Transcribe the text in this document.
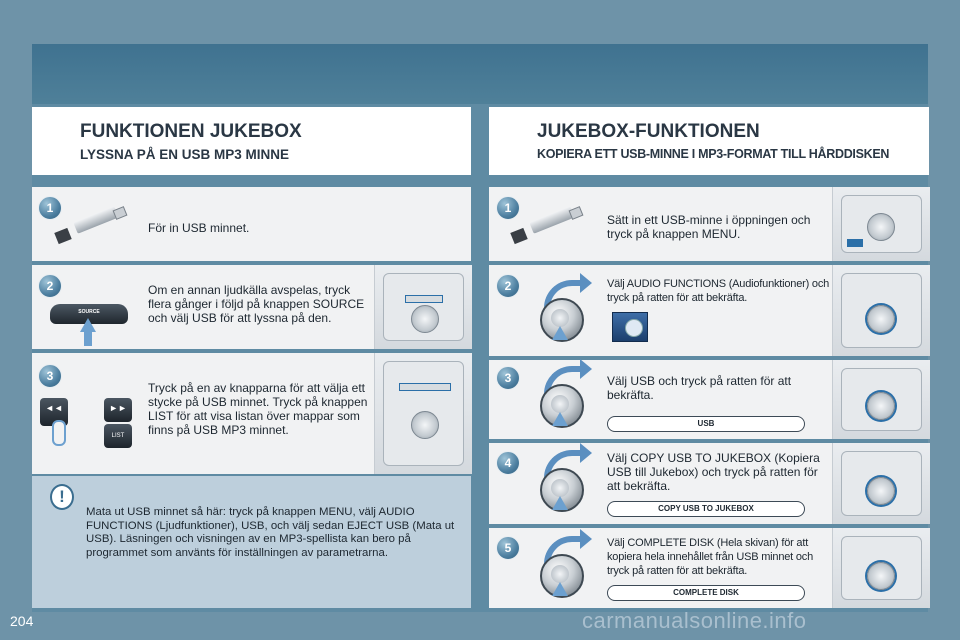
FUNKTIONEN JUKEBOX
LYSSNA PÅ EN USB MP3 MINNE
JUKEBOX-FUNKTIONEN
KOPIERA ETT USB-MINNE I MP3-FORMAT TILL HÅRDDISKEN
För in USB minnet.
1
Om en annan ljudkälla avspelas, tryck flera gånger i följd på knappen SOURCE och välj USB för att lyssna på den.
2
SOURCE
Tryck på en av knapparna för att välja ett stycke på USB minnet. Tryck på knappen LIST för att visa listan över mappar som finns på USB MP3 minnet.
3
◄◄	►►
LIST
Mata ut USB minnet så här: tryck på knappen MENU, välj AUDIO FUNCTIONS (Ljudfunktioner), USB, och välj sedan EJECT USB (Mata ut USB). Läsningen och visningen av en MP3-spellista kan bero på programmet som använts för inställningen av parametrarna.
!
Sätt in ett USB-minne i öppningen och tryck på knappen MENU.
1
Välj AUDIO FUNCTIONS (Audiofunktioner) och tryck på ratten för att bekräfta.
2
Välj USB och tryck på ratten för att bekräfta.
3
USB
Välj COPY USB TO JUKEBOX (Kopiera USB till Jukebox) och tryck på ratten för att bekräfta.
4
COPY USB TO JUKEBOX
Välj COMPLETE DISK (Hela skivan) för att kopiera hela innehållet från USB minnet och tryck på ratten för att bekräfta.
5
COMPLETE DISK
204	carmanualsonline.info
